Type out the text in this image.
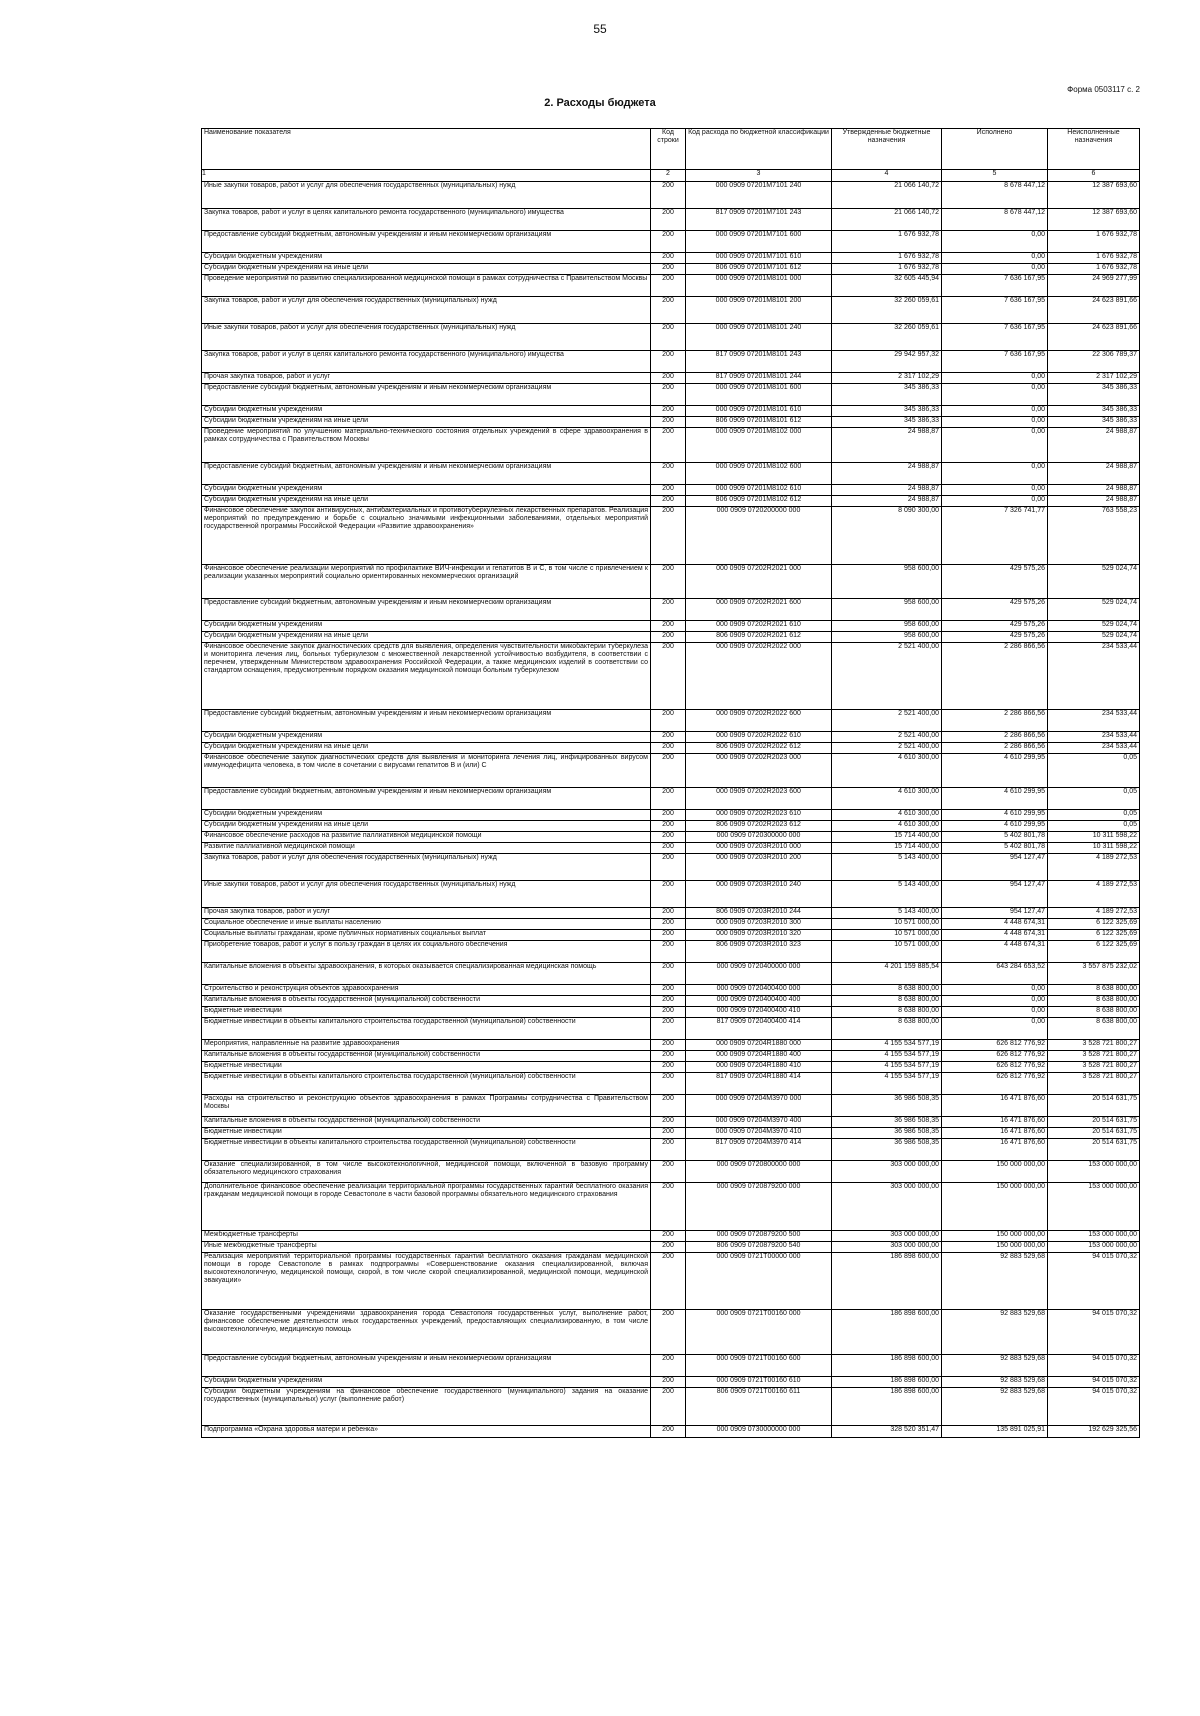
55
Форма 0503117 с. 2
2. Расходы бюджета
Наименование показателя	Код строки	Код расхода по бюджетной классификации	Утвержденные бюджетные назначения	Исполнено	Неисполненные назначения
1	2	3	4	5	6
Иные закупки товаров, работ и услуг для обеспечения государственных (муниципальных) нужд	200	000 0909 07201M7101 240	21 066 140,72	8 678 447,12	12 387 693,60
Закупка товаров, работ и услуг в целях капитального ремонта государственного (муниципального) имущества	200	817 0909 07201M7101 243	21 066 140,72	8 678 447,12	12 387 693,60
Предоставление субсидий бюджетным, автономным учреждениям и иным некоммерческим организациям	200	000 0909 07201M7101 600	1 676 932,78	0,00	1 676 932,78
Субсидии бюджетным учреждениям	200	000 0909 07201M7101 610	1 676 932,78	0,00	1 676 932,78
Субсидии бюджетным учреждениям на иные цели	200	806 0909 07201M7101 612	1 676 932,78	0,00	1 676 932,78
Проведение мероприятий по развитию специализированной медицинской помощи в рамках сотрудничества с Правительством Москвы	200	000 0909 07201M8101 000	32 605 445,94	7 636 167,95	24 969 277,99
Закупка товаров, работ и услуг для обеспечения государственных (муниципальных) нужд	200	000 0909 07201M8101 200	32 260 059,61	7 636 167,95	24 623 891,66
Иные закупки товаров, работ и услуг для обеспечения государственных (муниципальных) нужд	200	000 0909 07201M8101 240	32 260 059,61	7 636 167,95	24 623 891,66
Закупка товаров, работ и услуг в целях капитального ремонта государственного (муниципального) имущества	200	817 0909 07201M8101 243	29 942 957,32	7 636 167,95	22 306 789,37
Прочая закупка товаров, работ и услуг	200	817 0909 07201M8101 244	2 317 102,29	0,00	2 317 102,29
Предоставление субсидий бюджетным, автономным учреждениям и иным некоммерческим организациям	200	000 0909 07201M8101 600	345 386,33	0,00	345 386,33
Субсидии бюджетным учреждениям	200	000 0909 07201M8101 610	345 386,33	0,00	345 386,33
Субсидии бюджетным учреждениям на иные цели	200	806 0909 07201M8101 612	345 386,33	0,00	345 386,33
Проведение мероприятий по улучшению материально-технического состояния отдельных учреждений в сфере здравоохранения в рамках сотрудничества с Правительством Москвы	200	000 0909 07201M8102 000	24 988,87	0,00	24 988,87
Предоставление субсидий бюджетным, автономным учреждениям и иным некоммерческим организациям	200	000 0909 07201M8102 600	24 988,87	0,00	24 988,87
Субсидии бюджетным учреждениям	200	000 0909 07201M8102 610	24 988,87	0,00	24 988,87
Субсидии бюджетным учреждениям на иные цели	200	806 0909 07201M8102 612	24 988,87	0,00	24 988,87
Финансовое обеспечение закупок антивирусных, антибактериальных и противотуберкулезных лекарственных препаратов. Реализация мероприятий по предупреждению и борьбе с социально значимыми инфекционными заболеваниями, отдельных мероприятий государственной программы Российской Федерации «Развитие здравоохранения»	200	000 0909 0720200000 000	8 090 300,00	7 326 741,77	763 558,23
Финансовое обеспечение реализации мероприятий по профилактике ВИЧ-инфекции и гепатитов B и C, в том числе с привлечением к реализации указанных мероприятий социально ориентированных некоммерческих организаций	200	000 0909 07202R2021 000	958 600,00	429 575,26	529 024,74
Предоставление субсидий бюджетным, автономным учреждениям и иным некоммерческим организациям	200	000 0909 07202R2021 600	958 600,00	429 575,26	529 024,74
Субсидии бюджетным учреждениям	200	000 0909 07202R2021 610	958 600,00	429 575,26	529 024,74
Субсидии бюджетным учреждениям на иные цели	200	806 0909 07202R2021 612	958 600,00	429 575,26	529 024,74
Финансовое обеспечение закупок диагностических средств для выявления, определения чувствительности микобактерии туберкулеза и мониторинга лечения лиц, больных туберкулезом с множественной лекарственной устойчивостью возбудителя, в соответствии с перечнем, утвержденным Министерством здравоохранения Российской Федерации, а также медицинских изделий в соответствии со стандартом оснащения, предусмотренным порядком оказания медицинской помощи больным туберкулезом	200	000 0909 07202R2022 000	2 521 400,00	2 286 866,56	234 533,44
Предоставление субсидий бюджетным, автономным учреждениям и иным некоммерческим организациям	200	000 0909 07202R2022 600	2 521 400,00	2 286 866,56	234 533,44
Субсидии бюджетным учреждениям	200	000 0909 07202R2022 610	2 521 400,00	2 286 866,56	234 533,44
Субсидии бюджетным учреждениям на иные цели	200	806 0909 07202R2022 612	2 521 400,00	2 286 866,56	234 533,44
Финансовое обеспечение закупок диагностических средств для выявления и мониторинга лечения лиц, инфицированных вирусом иммунодефицита человека, в том числе в сочетании с вирусами гепатитов B и (или) C	200	000 0909 07202R2023 000	4 610 300,00	4 610 299,95	0,05
Предоставление субсидий бюджетным, автономным учреждениям и иным некоммерческим организациям	200	000 0909 07202R2023 600	4 610 300,00	4 610 299,95	0,05
Субсидии бюджетным учреждениям	200	000 0909 07202R2023 610	4 610 300,00	4 610 299,95	0,05
Субсидии бюджетным учреждениям на иные цели	200	806 0909 07202R2023 612	4 610 300,00	4 610 299,95	0,05
Финансовое обеспечение расходов на развитие паллиативной медицинской помощи	200	000 0909 0720300000 000	15 714 400,00	5 402 801,78	10 311 598,22
Развитие паллиативной медицинской помощи	200	000 0909 07203R2010 000	15 714 400,00	5 402 801,78	10 311 598,22
Закупка товаров, работ и услуг для обеспечения государственных (муниципальных) нужд	200	000 0909 07203R2010 200	5 143 400,00	954 127,47	4 189 272,53
Иные закупки товаров, работ и услуг для обеспечения государственных (муниципальных) нужд	200	000 0909 07203R2010 240	5 143 400,00	954 127,47	4 189 272,53
Прочая закупка товаров, работ и услуг	200	806 0909 07203R2010 244	5 143 400,00	954 127,47	4 189 272,53
Социальное обеспечение и иные выплаты населению	200	000 0909 07203R2010 300	10 571 000,00	4 448 674,31	6 122 325,69
Социальные выплаты гражданам, кроме публичных нормативных социальных выплат	200	000 0909 07203R2010 320	10 571 000,00	4 448 674,31	6 122 325,69
Приобретение товаров, работ и услуг в пользу граждан в целях их социального обеспечения	200	806 0909 07203R2010 323	10 571 000,00	4 448 674,31	6 122 325,69
Капитальные вложения в объекты здравоохранения, в которых оказывается специализированная медицинская помощь	200	000 0909 0720400000 000	4 201 159 885,54	643 284 653,52	3 557 875 232,02
Строительство и реконструкция объектов здравоохранения	200	000 0909 0720400400 000	8 638 800,00	0,00	8 638 800,00
Капитальные вложения в объекты государственной (муниципальной) собственности	200	000 0909 0720400400 400	8 638 800,00	0,00	8 638 800,00
Бюджетные инвестиции	200	000 0909 0720400400 410	8 638 800,00	0,00	8 638 800,00
Бюджетные инвестиции в объекты капитального строительства государственной (муниципальной) собственности	200	817 0909 0720400400 414	8 638 800,00	0,00	8 638 800,00
Мероприятия, направленные на развитие здравоохранения	200	000 0909 07204R1880 000	4 155 534 577,19	626 812 776,92	3 528 721 800,27
Капитальные вложения в объекты государственной (муниципальной) собственности	200	000 0909 07204R1880 400	4 155 534 577,19	626 812 776,92	3 528 721 800,27
Бюджетные инвестиции	200	000 0909 07204R1880 410	4 155 534 577,19	626 812 776,92	3 528 721 800,27
Бюджетные инвестиции в объекты капитального строительства государственной (муниципальной) собственности	200	817 0909 07204R1880 414	4 155 534 577,19	626 812 776,92	3 528 721 800,27
Расходы на строительство и реконструкцию объектов здравоохранения в рамках Программы сотрудничества с Правительством Москвы	200	000 0909 07204M3970 000	36 986 508,35	16 471 876,60	20 514 631,75
Капитальные вложения в объекты государственной (муниципальной) собственности	200	000 0909 07204M3970 400	36 986 508,35	16 471 876,60	20 514 631,75
Бюджетные инвестиции	200	000 0909 07204M3970 410	36 986 508,35	16 471 876,60	20 514 631,75
Бюджетные инвестиции в объекты капитального строительства государственной (муниципальной) собственности	200	817 0909 07204M3970 414	36 986 508,35	16 471 876,60	20 514 631,75
Оказание специализированной, в том числе высокотехнологичной, медицинской помощи, включенной в базовую программу обязательного медицинского страхования	200	000 0909 0720800000 000	303 000 000,00	150 000 000,00	153 000 000,00
Дополнительное финансовое обеспечение реализации территориальной программы государственных гарантий бесплатного оказания гражданам медицинской помощи в городе Севастополе в части базовой программы обязательного медицинского страхования	200	000 0909 0720879200 000	303 000 000,00	150 000 000,00	153 000 000,00
Межбюджетные трансферты	200	000 0909 0720879200 500	303 000 000,00	150 000 000,00	153 000 000,00
Иные межбюджетные трансферты	200	806 0909 0720879200 540	303 000 000,00	150 000 000,00	153 000 000,00
Реализация мероприятий территориальной программы государственных гарантий бесплатного оказания гражданам медицинской помощи в городе Севастополе в рамках подпрограммы «Совершенствование оказания специализированной, включая высокотехнологичную, медицинской помощи, скорой, в том числе скорой специализированной, медицинской помощи, медицинской эвакуации»	200	000 0909 0721T00000 000	186 898 600,00	92 883 529,68	94 015 070,32
Оказание государственными учреждениями здравоохранения города Севастополя государственных услуг, выполнение работ, финансовое обеспечение деятельности иных государственных учреждений, предоставляющих специализированную, в том числе высокотехнологичную, медицинскую помощь	200	000 0909 0721T00160 000	186 898 600,00	92 883 529,68	94 015 070,32
Предоставление субсидий бюджетным, автономным учреждениям и иным некоммерческим организациям	200	000 0909 0721T00160 600	186 898 600,00	92 883 529,68	94 015 070,32
Субсидии бюджетным учреждениям	200	000 0909 0721T00160 610	186 898 600,00	92 883 529,68	94 015 070,32
Субсидии бюджетным учреждениям на финансовое обеспечение государственного (муниципального) задания на оказание государственных (муниципальных) услуг (выполнение работ)	200	806 0909 0721T00160 611	186 898 600,00	92 883 529,68	94 015 070,32
Подпрограмма «Охрана здоровья матери и ребенка»	200	000 0909 0730000000 000	328 520 351,47	135 891 025,91	192 629 325,56
